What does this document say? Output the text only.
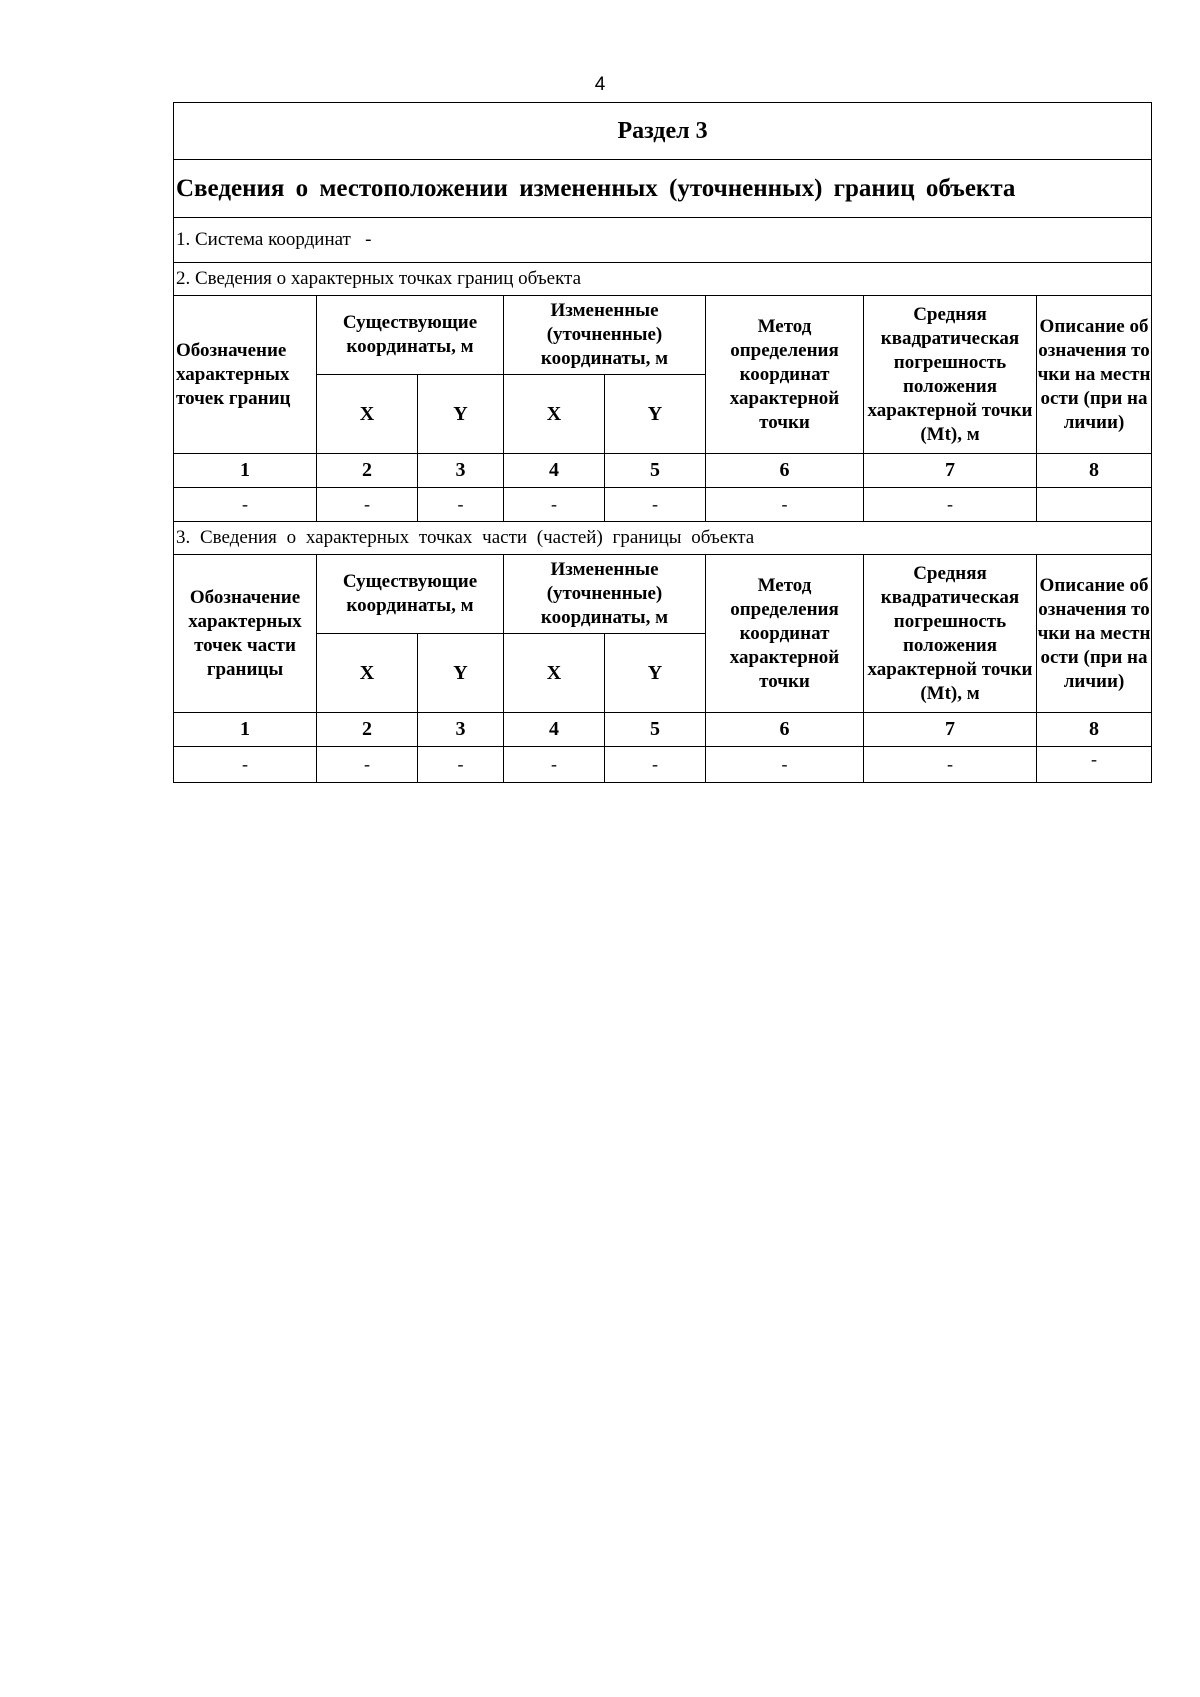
4
Раздел 3							
Сведения о местоположении измененных (уточненных) границ объекта							
1. Система координат   -							
2. Сведения о характерных точках границ объекта							
Обозначение характерных точек границ	Существующие координаты, м		Измененные (уточненные) координаты, м		Метод определения координат характерной точки	Средняя квадратическая погрешность положения характерной точки (Mt), м	Описание обозначения точки на местности (при наличии)
	X	Y	X	Y			
1	2	3	4	5	6	7	8
-	-	-	-	-	-	-	
3. Сведения о характерных точках части (частей) границы объекта							
Обозначение характерных точек части границы	Существующие координаты, м		Измененные (уточненные) координаты, м		Метод определения координат характерной точки	Средняя квадратическая погрешность положения характерной точки (Mt), м	Описание обозначения точки на местности (при наличии)
	X	Y	X	Y			
1	2	3	4	5	6	7	8
-	-	-	-	-	-	-	-
